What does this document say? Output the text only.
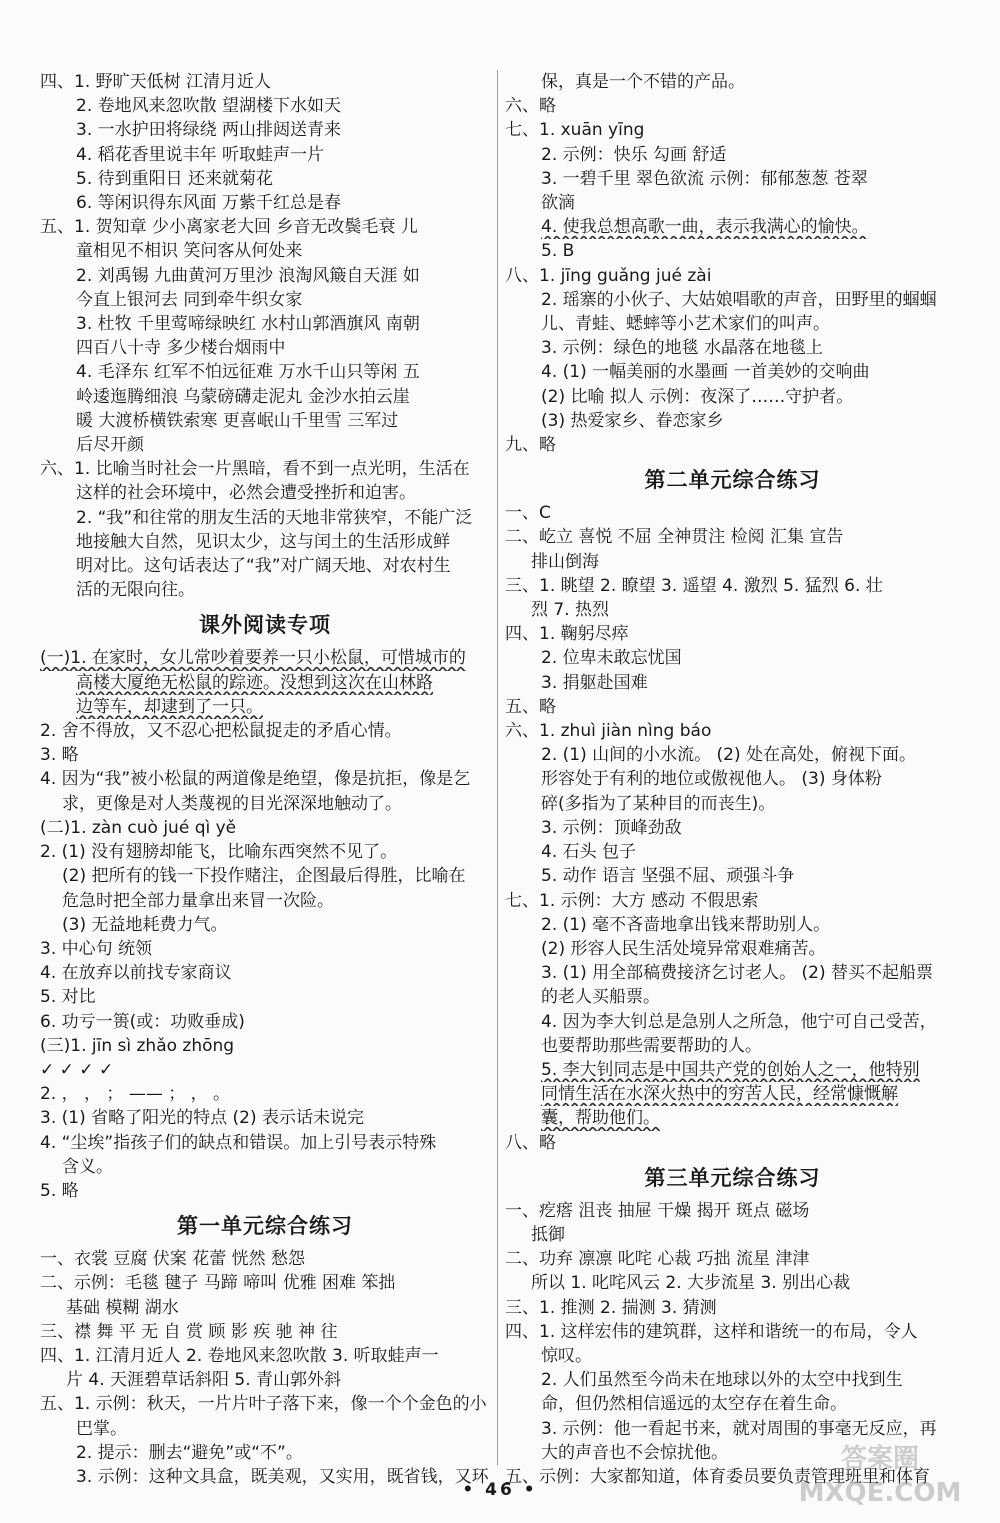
四、1. 野旷天低树 江清月近人
2. 卷地风来忽吹散 望湖楼下水如天
3. 一水护田将绿绕 两山排闼送青来
4. 稻花香里说丰年 听取蛙声一片
5. 待到重阳日 还来就菊花
6. 等闲识得东风面 万紫千红总是春
五、1. 贺知章 少小离家老大回 乡音无改鬓毛衰 儿
童相见不相识 笑问客从何处来
2. 刘禹锡 九曲黄河万里沙 浪淘风簸自天涯 如
今直上银河去 同到牵牛织女家
3. 杜牧 千里莺啼绿映红 水村山郭酒旗风 南朝
四百八十寺 多少楼台烟雨中
4. 毛泽东 红军不怕远征难 万水千山只等闲 五
岭逶迤腾细浪 乌蒙磅礴走泥丸 金沙水拍云崖
暖 大渡桥横铁索寒 更喜岷山千里雪 三军过
后尽开颜
六、1. 比喻当时社会一片黑暗，看不到一点光明，生活在
这样的社会环境中，必然会遭受挫折和迫害。
2. “我”和往常的朋友生活的天地非常狭窄，不能广泛
地接触大自然，见识太少，这与闰土的生活形成鲜
明对比。这句话表达了“我”对广阔天地、对农村生
活的无限向往。
课外阅读专项
(一)1. 在家时，女儿常吵着要养一只小松鼠，可惜城市的
高楼大厦绝无松鼠的踪迹。没想到这次在山林路
边等车，却逮到了一只。
2. 舍不得放，又不忍心把松鼠捉走的矛盾心情。
3. 略
4. 因为“我”被小松鼠的两道像是绝望，像是抗拒，像是乞
求，更像是对人类蔑视的目光深深地触动了。
(二)1. zàn cuò jué qì yě
2. (1) 没有翅膀却能飞，比喻东西突然不见了。
(2) 把所有的钱一下投作赌注，企图最后得胜，比喻在
危急时把全部力量拿出来冒一次险。
(3) 无益地耗费力气。
3. 中心句 统领
4. 在放弃以前找专家商议
5. 对比
6. 功亏一篑(或：功败垂成)
(三)1. jīn sì zhǎo zhōng
✓ ✓ ✓ ✓
2. ， ， ； —— ； ， 。
3. (1) 省略了阳光的特点 (2) 表示话未说完
4. “尘埃”指孩子们的缺点和错误。加上引号表示特殊
含义。
5. 略
第一单元综合练习
一、衣裳 豆腐 伏案 花蕾 恍然 愁怨
二、示例：毛毯 毽子 马蹄 啼叫 优雅 困难 笨拙
基础 模糊 湖水
三、襟 舞 平 无 自 赏 顾 影 疾 驰 神 往
四、1. 江清月近人 2. 卷地风来忽吹散 3. 听取蛙声一
片 4. 天涯碧草话斜阳 5. 青山郭外斜
五、1. 示例：秋天，一片片叶子落下来，像一个个金色的小
巴掌。
2. 提示：删去“避免”或“不”。
3. 示例：这种文具盒，既美观，又实用，既省钱，又环
保，真是一个不错的产品。
六、略
七、1. xuān yīng
2. 示例：快乐 勾画 舒适
3. 一碧千里 翠色欲流 示例：郁郁葱葱 苍翠
欲滴
4. 使我总想高歌一曲，表示我满心的愉快。
5. B
八、1. jīng guǎng jué zài
2. 瑶寨的小伙子、大姑娘唱歌的声音，田野里的蝈蝈
儿、青蛙、蟋蟀等小艺术家们的叫声。
3. 示例：绿色的地毯 水晶落在地毯上
4. (1) 一幅美丽的水墨画 一首美妙的交响曲
(2) 比喻 拟人 示例：夜深了……守护者。
(3) 热爱家乡、眷恋家乡
九、略
第二单元综合练习
一、C
二、屹立 喜悦 不屈 全神贯注 检阅 汇集 宣告
排山倒海
三、1. 眺望 2. 瞭望 3. 遥望 4. 激烈 5. 猛烈 6. 壮
烈 7. 热烈
四、1. 鞠躬尽瘁
2. 位卑未敢忘忧国
3. 捐躯赴国难
五、略
六、1. zhuì jiàn nìng báo
2. (1) 山间的小水流。 (2) 处在高处，俯视下面。
形容处于有利的地位或傲视他人。 (3) 身体粉
碎(多指为了某种目的而丧生)。
3. 示例：顶峰劲敌
4. 石头 包子
5. 动作 语言 坚强不屈、顽强斗争
七、1. 示例：大方 感动 不假思索
2. (1) 毫不吝啬地拿出钱来帮助别人。
(2) 形容人民生活处境异常艰难痛苦。
3. (1) 用全部稿费接济乞讨老人。 (2) 替买不起船票
的老人买船票。
4. 因为李大钊总是急别人之所急，他宁可自己受苦，
也要帮助那些需要帮助的人。
5. 李大钊同志是中国共产党的创始人之一，他特别
同情生活在水深火热中的穷苦人民，经常慷慨解
囊，帮助他们。
八、略
第三单元综合练习
一、疙瘩 沮丧 抽屉 干燥 揭开 斑点 磁场
抵御
二、功弃 凛凛 叱咤 心裁 巧拙 流星 津津
所以 1. 叱咤风云 2. 大步流星 3. 别出心裁
三、1. 推测 2. 揣测 3. 猜测
四、1. 这样宏伟的建筑群，这样和谐统一的布局，令人
惊叹。
2. 人们虽然至今尚未在地球以外的太空中找到生
命，但仍然相信遥远的太空存在着生命。
3. 示例：他一看起书来，就对周围的事毫无反应，再
大的声音也不会惊扰他。
五、示例：大家都知道，体育委员要负责管理班里和体育
• 46 •
答案圈
MXQE.COM
